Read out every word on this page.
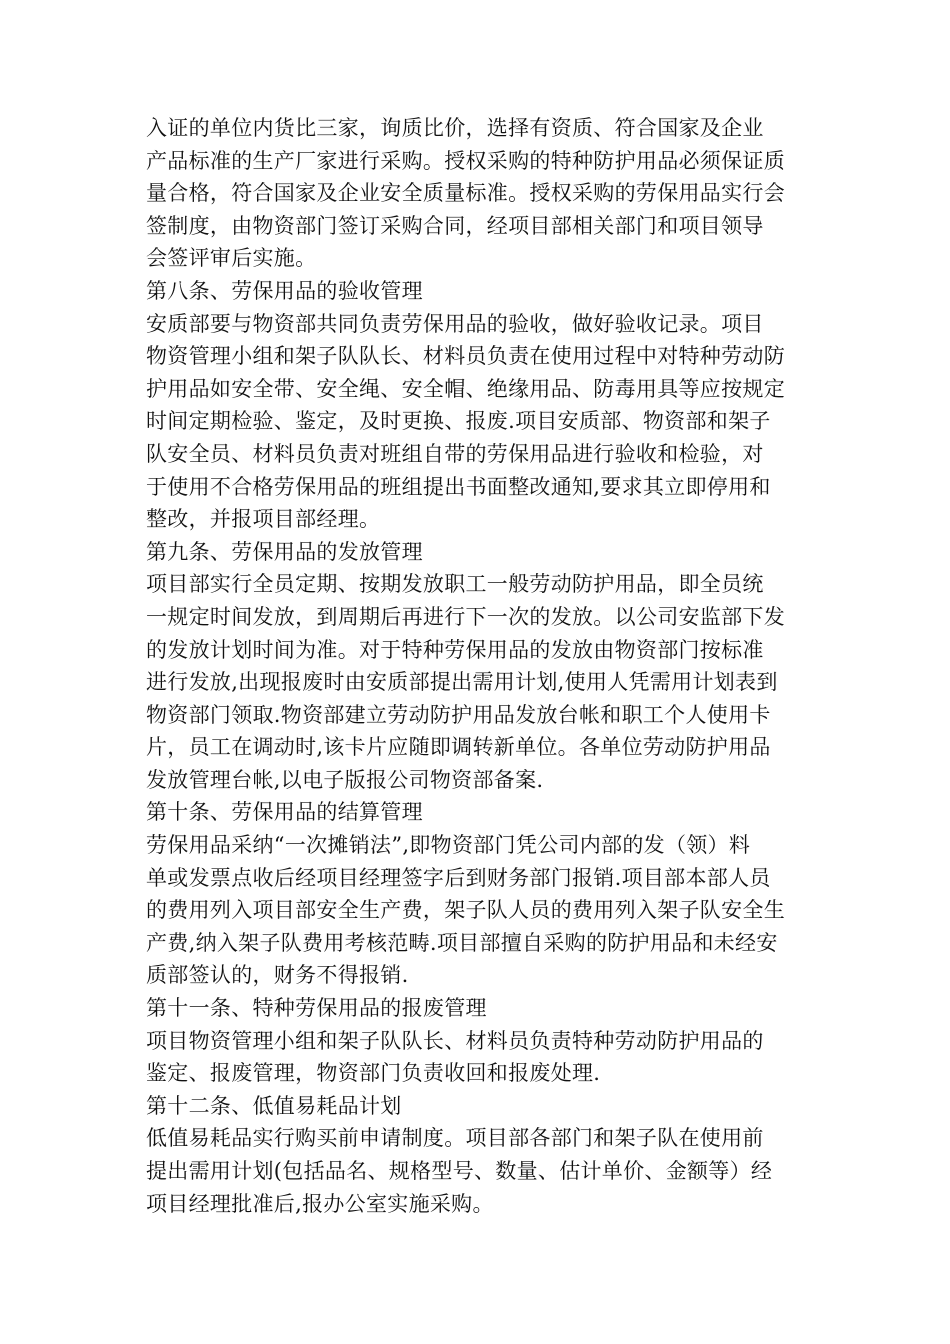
入证的单位内货比三家，询质比价，选择有资质、符合国家及企业
产品标准的生产厂家进行采购。授权采购的特种防护用品必须保证质
量合格，符合国家及企业安全质量标准。授权采购的劳保用品实行会
签制度，由物资部门签订采购合同，经项目部相关部门和项目领导
会签评审后实施。
第八条、劳保用品的验收管理
安质部要与物资部共同负责劳保用品的验收，做好验收记录。项目
物资管理小组和架子队队长、材料员负责在使用过程中对特种劳动防
护用品如安全带、安全绳、安全帽、绝缘用品、防毒用具等应按规定
时间定期检验、鉴定，及时更换、报废.项目安质部、物资部和架子
队安全员、材料员负责对班组自带的劳保用品进行验收和检验，对
于使用不合格劳保用品的班组提出书面整改通知,要求其立即停用和
整改，并报项目部经理。
第九条、劳保用品的发放管理
项目部实行全员定期、按期发放职工一般劳动防护用品，即全员统
一规定时间发放，到周期后再进行下一次的发放。以公司安监部下发
的发放计划时间为准。对于特种劳保用品的发放由物资部门按标准
进行发放,出现报废时由安质部提出需用计划,使用人凭需用计划表到
物资部门领取.物资部建立劳动防护用品发放台帐和职工个人使用卡
片，员工在调动时,该卡片应随即调转新单位。各单位劳动防护用品
发放管理台帐,以电子版报公司物资部备案.
第十条、劳保用品的结算管理
劳保用品采纳“一次摊销法”,即物资部门凭公司内部的发（领）料
单或发票点收后经项目经理签字后到财务部门报销.项目部本部人员
的费用列入项目部安全生产费，架子队人员的费用列入架子队安全生
产费,纳入架子队费用考核范畴.项目部擅自采购的防护用品和未经安
质部签认的，财务不得报销.
第十一条、特种劳保用品的报废管理
项目物资管理小组和架子队队长、材料员负责特种劳动防护用品的
鉴定、报废管理，物资部门负责收回和报废处理.
第十二条、低值易耗品计划
低值易耗品实行购买前申请制度。项目部各部门和架子队在使用前
提出需用计划(包括品名、规格型号、数量、估计单价、金额等）经
项目经理批准后,报办公室实施采购。
